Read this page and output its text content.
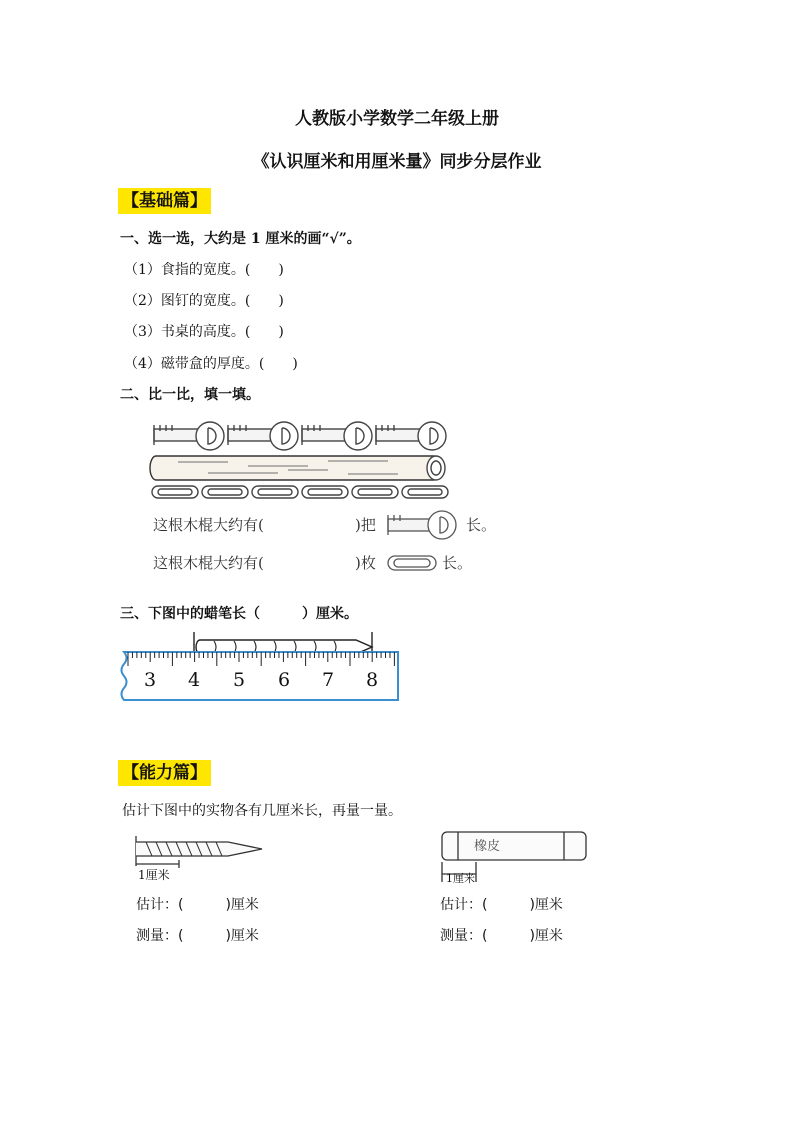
人教版小学数学二年级上册
《认识厘米和用厘米量》同步分层作业
【基础篇】
一、选一选，大约是 1 厘米的画“√”。
（1）食指的宽度。(　　)
（2）图钉的宽度。(　　)
（3）书桌的高度。(　　)
（4）磁带盒的厚度。(　　)
二、比一比，填一填。
这根木棍大约有(	)把	长。
这根木棍大约有(	)枚	长。
三、下图中的蜡笔长（　　　）厘米。
3 4 5 6 7 8
【能力篇】
估计下图中的实物各有几厘米长，再量一量。
1厘米
估计：(　　　)厘米
测量：(　　　)厘米
橡皮
1厘米
估计：(　　　)厘米
测量：(　　　)厘米
